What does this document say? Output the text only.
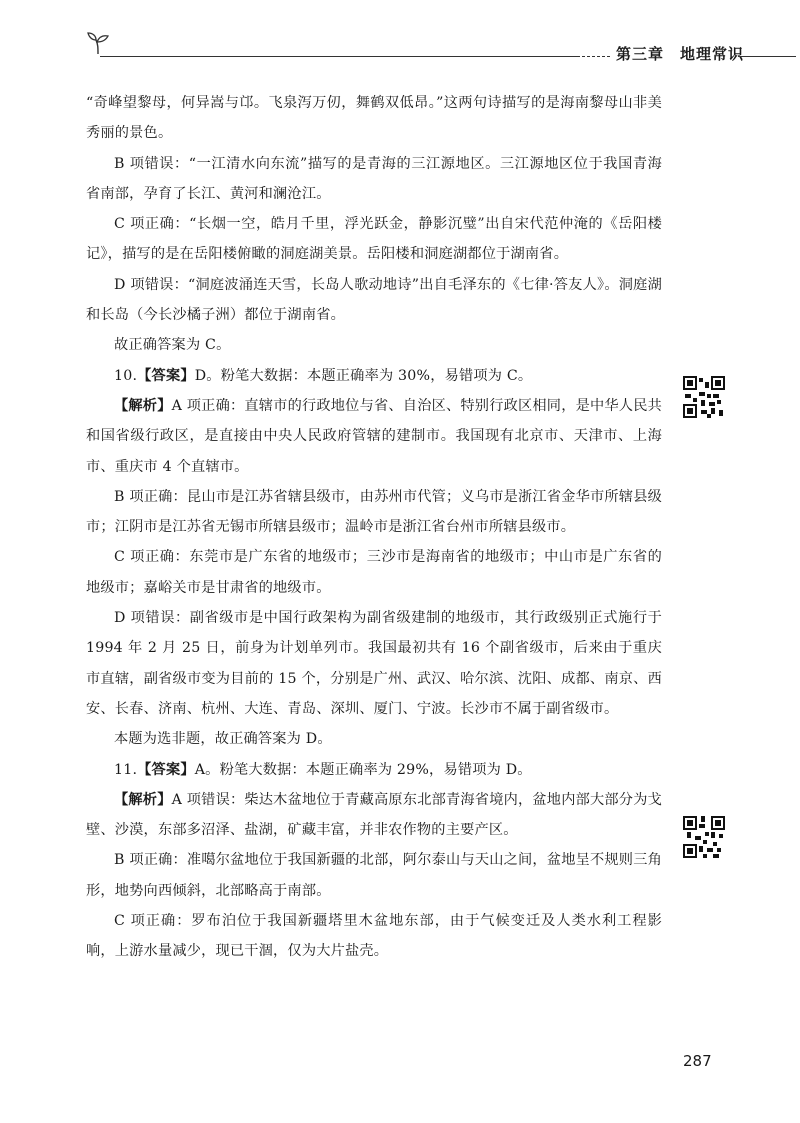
第三章　地理常识

“奇峰望黎母，何异嵩与邙。飞泉泻万仞，舞鹤双低昂。”这两句诗描写的是海南黎母山非美秀丽的景色。

B 项错误：“一江清水向东流”描写的是青海的三江源地区。三江源地区位于我国青海省南部，孕育了长江、黄河和澜沧江。

C 项正确：“长烟一空，皓月千里，浮光跃金，静影沉璧”出自宋代范仲淹的《岳阳楼记》，描写的是在岳阳楼俯瞰的洞庭湖美景。岳阳楼和洞庭湖都位于湖南省。

D 项错误：“洞庭波涌连天雪，长岛人歌动地诗”出自毛泽东的《七律·答友人》。洞庭湖和长岛（今长沙橘子洲）都位于湖南省。

故正确答案为 C。

10.【答案】D。粉笔大数据：本题正确率为 30%，易错项为 C。

【解析】A 项正确：直辖市的行政地位与省、自治区、特别行政区相同，是中华人民共和国省级行政区，是直接由中央人民政府管辖的建制市。我国现有北京市、天津市、上海市、重庆市 4 个直辖市。

B 项正确：昆山市是江苏省辖县级市，由苏州市代管；义乌市是浙江省金华市所辖县级市；江阴市是江苏省无锡市所辖县级市；温岭市是浙江省台州市所辖县级市。

C 项正确：东莞市是广东省的地级市；三沙市是海南省的地级市；中山市是广东省的地级市；嘉峪关市是甘肃省的地级市。

D 项错误：副省级市是中国行政架构为副省级建制的地级市，其行政级别正式施行于 1994 年 2 月 25 日，前身为计划单列市。我国最初共有 16 个副省级市，后来由于重庆市直辖，副省级市变为目前的 15 个，分别是广州、武汉、哈尔滨、沈阳、成都、南京、西安、长春、济南、杭州、大连、青岛、深圳、厦门、宁波。长沙市不属于副省级市。

本题为选非题，故正确答案为 D。

11.【答案】A。粉笔大数据：本题正确率为 29%，易错项为 D。

【解析】A 项错误：柴达木盆地位于青藏高原东北部青海省境内，盆地内部大部分为戈壁、沙漠，东部多沼泽、盐湖，矿藏丰富，并非农作物的主要产区。

B 项正确：准噶尔盆地位于我国新疆的北部，阿尔泰山与天山之间，盆地呈不规则三角形，地势向西倾斜，北部略高于南部。

C 项正确：罗布泊位于我国新疆塔里木盆地东部，由于气候变迁及人类水利工程影响，上游水量减少，现已干涸，仅为大片盐壳。

287
